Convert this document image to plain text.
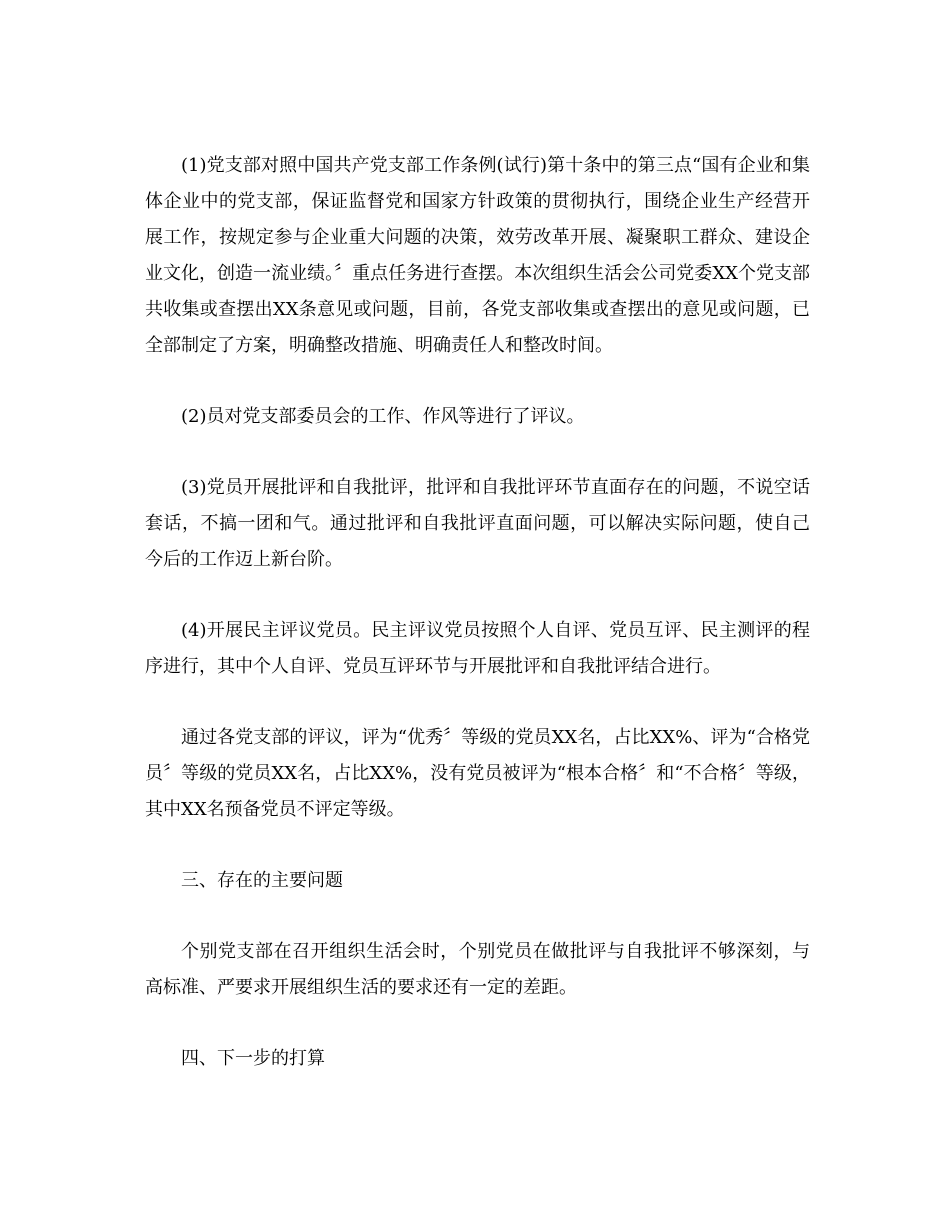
(1)党支部对照中国共产党支部工作条例(试行)第十条中的第三点“国有企业和集体企业中的党支部，保证监督党和国家方针政策的贯彻执行，围绕企业生产经营开展工作，按规定参与企业重大问题的决策，效劳改革开展、凝聚职工群众、建设企业文化，创造一流业绩。〞重点任务进行查摆。本次组织生活会公司党委XX个党支部共收集或查摆出XX条意见或问题，目前，各党支部收集或查摆出的意见或问题，已全部制定了方案，明确整改措施、明确责任人和整改时间。

(2)员对党支部委员会的工作、作风等进行了评议。

(3)党员开展批评和自我批评，批评和自我批评环节直面存在的问题，不说空话套话，不搞一团和气。通过批评和自我批评直面问题，可以解决实际问题，使自己今后的工作迈上新台阶。

(4)开展民主评议党员。民主评议党员按照个人自评、党员互评、民主测评的程序进行，其中个人自评、党员互评环节与开展批评和自我批评结合进行。

通过各党支部的评议，评为“优秀〞等级的党员XX名，占比XX%、评为“合格党员〞等级的党员XX名，占比XX%，没有党员被评为“根本合格〞和“不合格〞等级，其中XX名预备党员不评定等级。

三、存在的主要问题

个别党支部在召开组织生活会时，个别党员在做批评与自我批评不够深刻，与高标准、严要求开展组织生活的要求还有一定的差距。

四、下一步的打算
